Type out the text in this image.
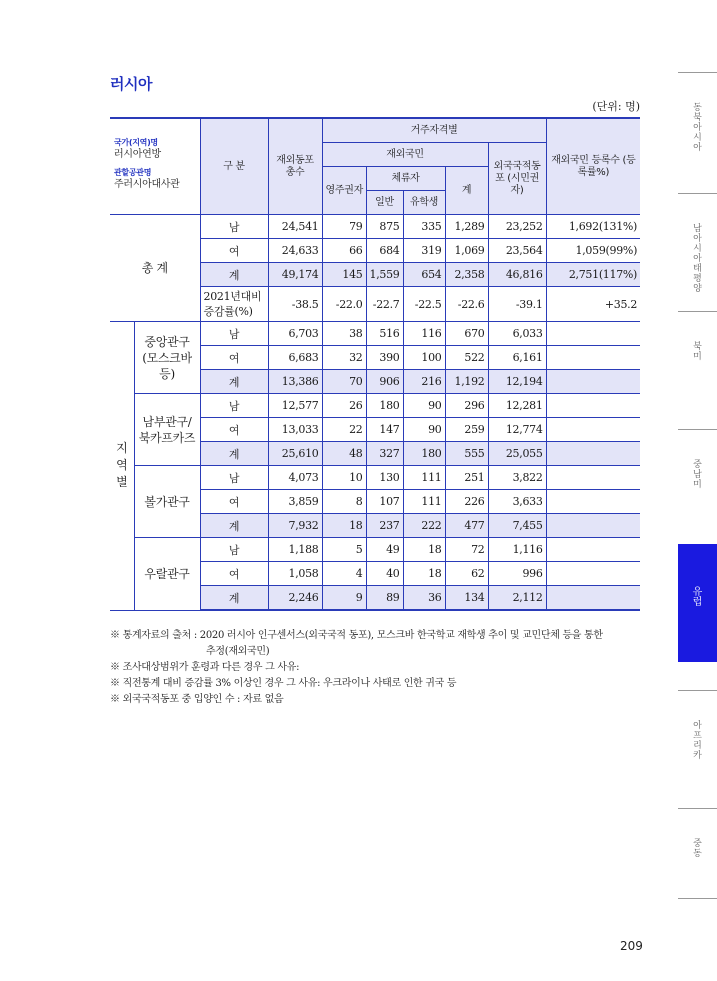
러시아
(단위: 명)
국가(지역)명
러시아연방
관할공관명
주러시아대사관		구 분	재외동포 총수	거주자격별					재외국민 등록수 (등록률%)
				재외국민				외국국적동포 (시민권자)	
				영주권자	체류자		계		
					일반	유학생			
총 계		남	24,541	79	875	335	1,289	23,252	1,692(131%)
		여	24,633	66	684	319	1,069	23,564	1,059(99%)
		계	49,174	145	1,559	654	2,358	46,816	2,751(117%)
		2021년대비 증감률(%)	-38.5	-22.0	-22.7	-22.5	-22.6	-39.1	+35.2

지
역
별	중앙관구 (모스크바 등)	남	6,703	38	516	116	670	6,033	
		여	6,683	32	390	100	522	6,161	
		계	13,386	70	906	216	1,192	12,194	
	남부관구/ 북카프카즈	남	12,577	26	180	90	296	12,281	
		여	13,033	22	147	90	259	12,774	
		계	25,610	48	327	180	555	25,055	
	볼가관구	남	4,073	10	130	111	251	3,822	
		여	3,859	8	107	111	226	3,633	
		계	7,932	18	237	222	477	7,455	
	우랄관구	남	1,188	5	49	18	72	1,116	
		여	1,058	4	40	18	62	996	
		계	2,246	9	89	36	134	2,112	

※ 통계자료의 출처 : 2020 러시아 인구센서스(외국국적 동포), 모스크바 한국학교 재학생 추이 및 교민단체 등을 통한

추정(재외국민)

※ 조사대상범위가 훈령과 다른 경우 그 사유:

※ 직전통계 대비 증감률 3% 이상인 경우 그 사유: 우크라이나 사태로 인한 귀국 등

※ 외국국적동포 중 입양인 수 : 자료 없음

동
북
아
시
아
남
아
시
아
태
평
양
북
미
중
남
미
유
럽
아
프
리
카
중
동
209
